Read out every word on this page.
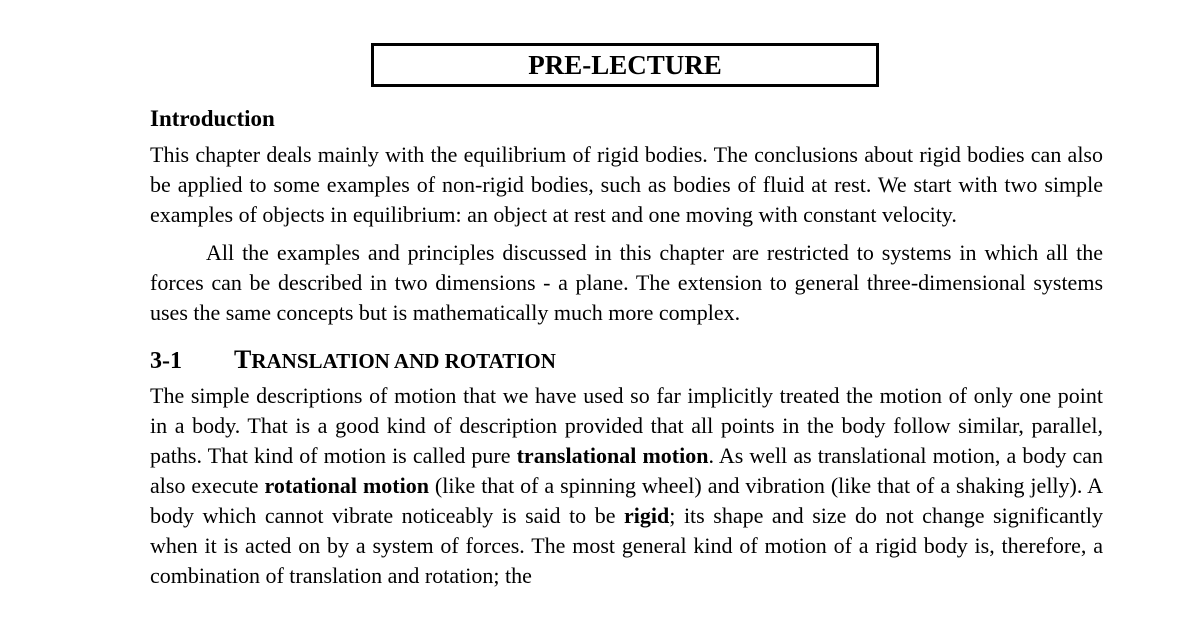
PRE-LECTURE
Introduction

This chapter deals mainly with the equilibrium of rigid bodies. The conclusions about rigid bodies can also be applied to some examples of non-rigid bodies, such as bodies of fluid at rest. We start with two simple examples of objects in equilibrium: an object at rest and one moving with constant velocity.

All the examples and principles discussed in this chapter are restricted to systems in which all the forces can be described in two dimensions - a plane. The extension to general three-dimensional systems uses the same concepts but is mathematically much more complex.

3-1	TRANSLATION AND ROTATION

The simple descriptions of motion that we have used so far implicitly treated the motion of only one point in a body. That is a good kind of description provided that all points in the body follow similar, parallel, paths. That kind of motion is called pure translational motion. As well as translational motion, a body can also execute rotational motion (like that of a spinning wheel) and vibration (like that of a shaking jelly). A body which cannot vibrate noticeably is said to be rigid; its shape and size do not change significantly when it is acted on by a system of forces. The most general kind of motion of a rigid body is, therefore, a combination of translation and rotation; the
